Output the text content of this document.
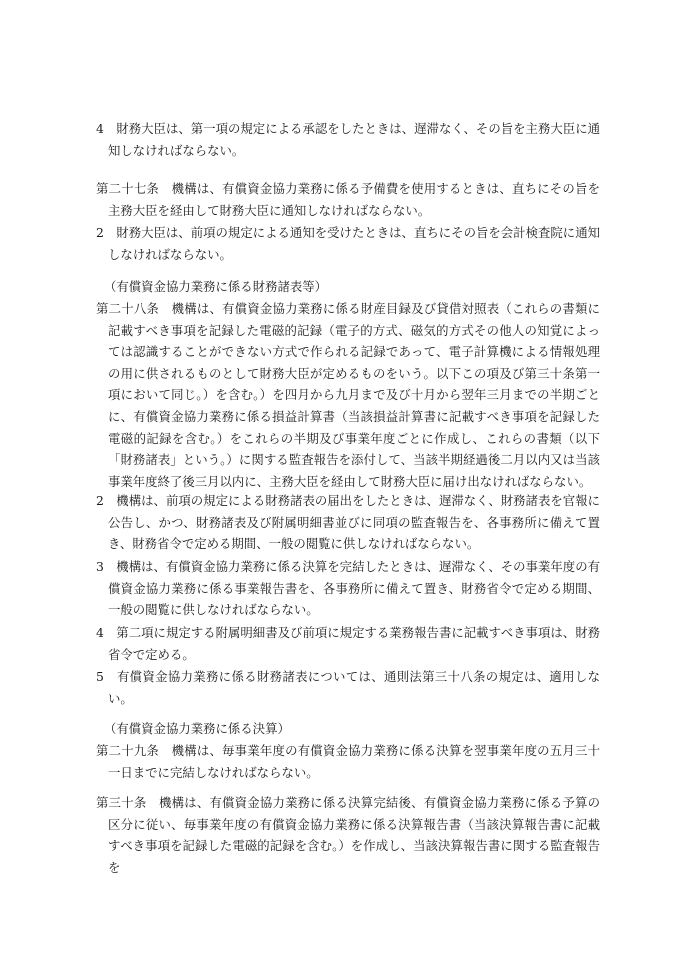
4　財務大臣は、第一項の規定による承認をしたときは、遅滞なく、その旨を主務大臣に通知しなければならない。
第二十七条　機構は、有償資金協力業務に係る予備費を使用するときは、直ちにその旨を主務大臣を経由して財務大臣に通知しなければならない。
2　財務大臣は、前項の規定による通知を受けたときは、直ちにその旨を会計検査院に通知しなければならない。
（有償資金協力業務に係る財務諸表等）
第二十八条　機構は、有償資金協力業務に係る財産目録及び貸借対照表（これらの書類に記載すべき事項を記録した電磁的記録（電子的方式、磁気的方式その他人の知覚によっては認識することができない方式で作られる記録であって、電子計算機による情報処理の用に供されるものとして財務大臣が定めるものをいう。以下この項及び第三十条第一項において同じ。）を含む。）を四月から九月まで及び十月から翌年三月までの半期ごとに、有償資金協力業務に係る損益計算書（当該損益計算書に記載すべき事項を記録した電磁的記録を含む。）をこれらの半期及び事業年度ごとに作成し、これらの書類（以下「財務諸表」という。）に関する監査報告を添付して、当該半期経過後二月以内又は当該事業年度終了後三月以内に、主務大臣を経由して財務大臣に届け出なければならない。
2　機構は、前項の規定による財務諸表の届出をしたときは、遅滞なく、財務諸表を官報に公告し、かつ、財務諸表及び附属明細書並びに同項の監査報告を、各事務所に備えて置き、財務省令で定める期間、一般の閲覧に供しなければならない。
3　機構は、有償資金協力業務に係る決算を完結したときは、遅滞なく、その事業年度の有償資金協力業務に係る事業報告書を、各事務所に備えて置き、財務省令で定める期間、一般の閲覧に供しなければならない。
4　第二項に規定する附属明細書及び前項に規定する業務報告書に記載すべき事項は、財務省令で定める。
5　有償資金協力業務に係る財務諸表については、通則法第三十八条の規定は、適用しない。
（有償資金協力業務に係る決算）
第二十九条　機構は、毎事業年度の有償資金協力業務に係る決算を翌事業年度の五月三十一日までに完結しなければならない。
第三十条　機構は、有償資金協力業務に係る決算完結後、有償資金協力業務に係る予算の区分に従い、毎事業年度の有償資金協力業務に係る決算報告書（当該決算報告書に記載すべき事項を記録した電磁的記録を含む。）を作成し、当該決算報告書に関する監査報告を
